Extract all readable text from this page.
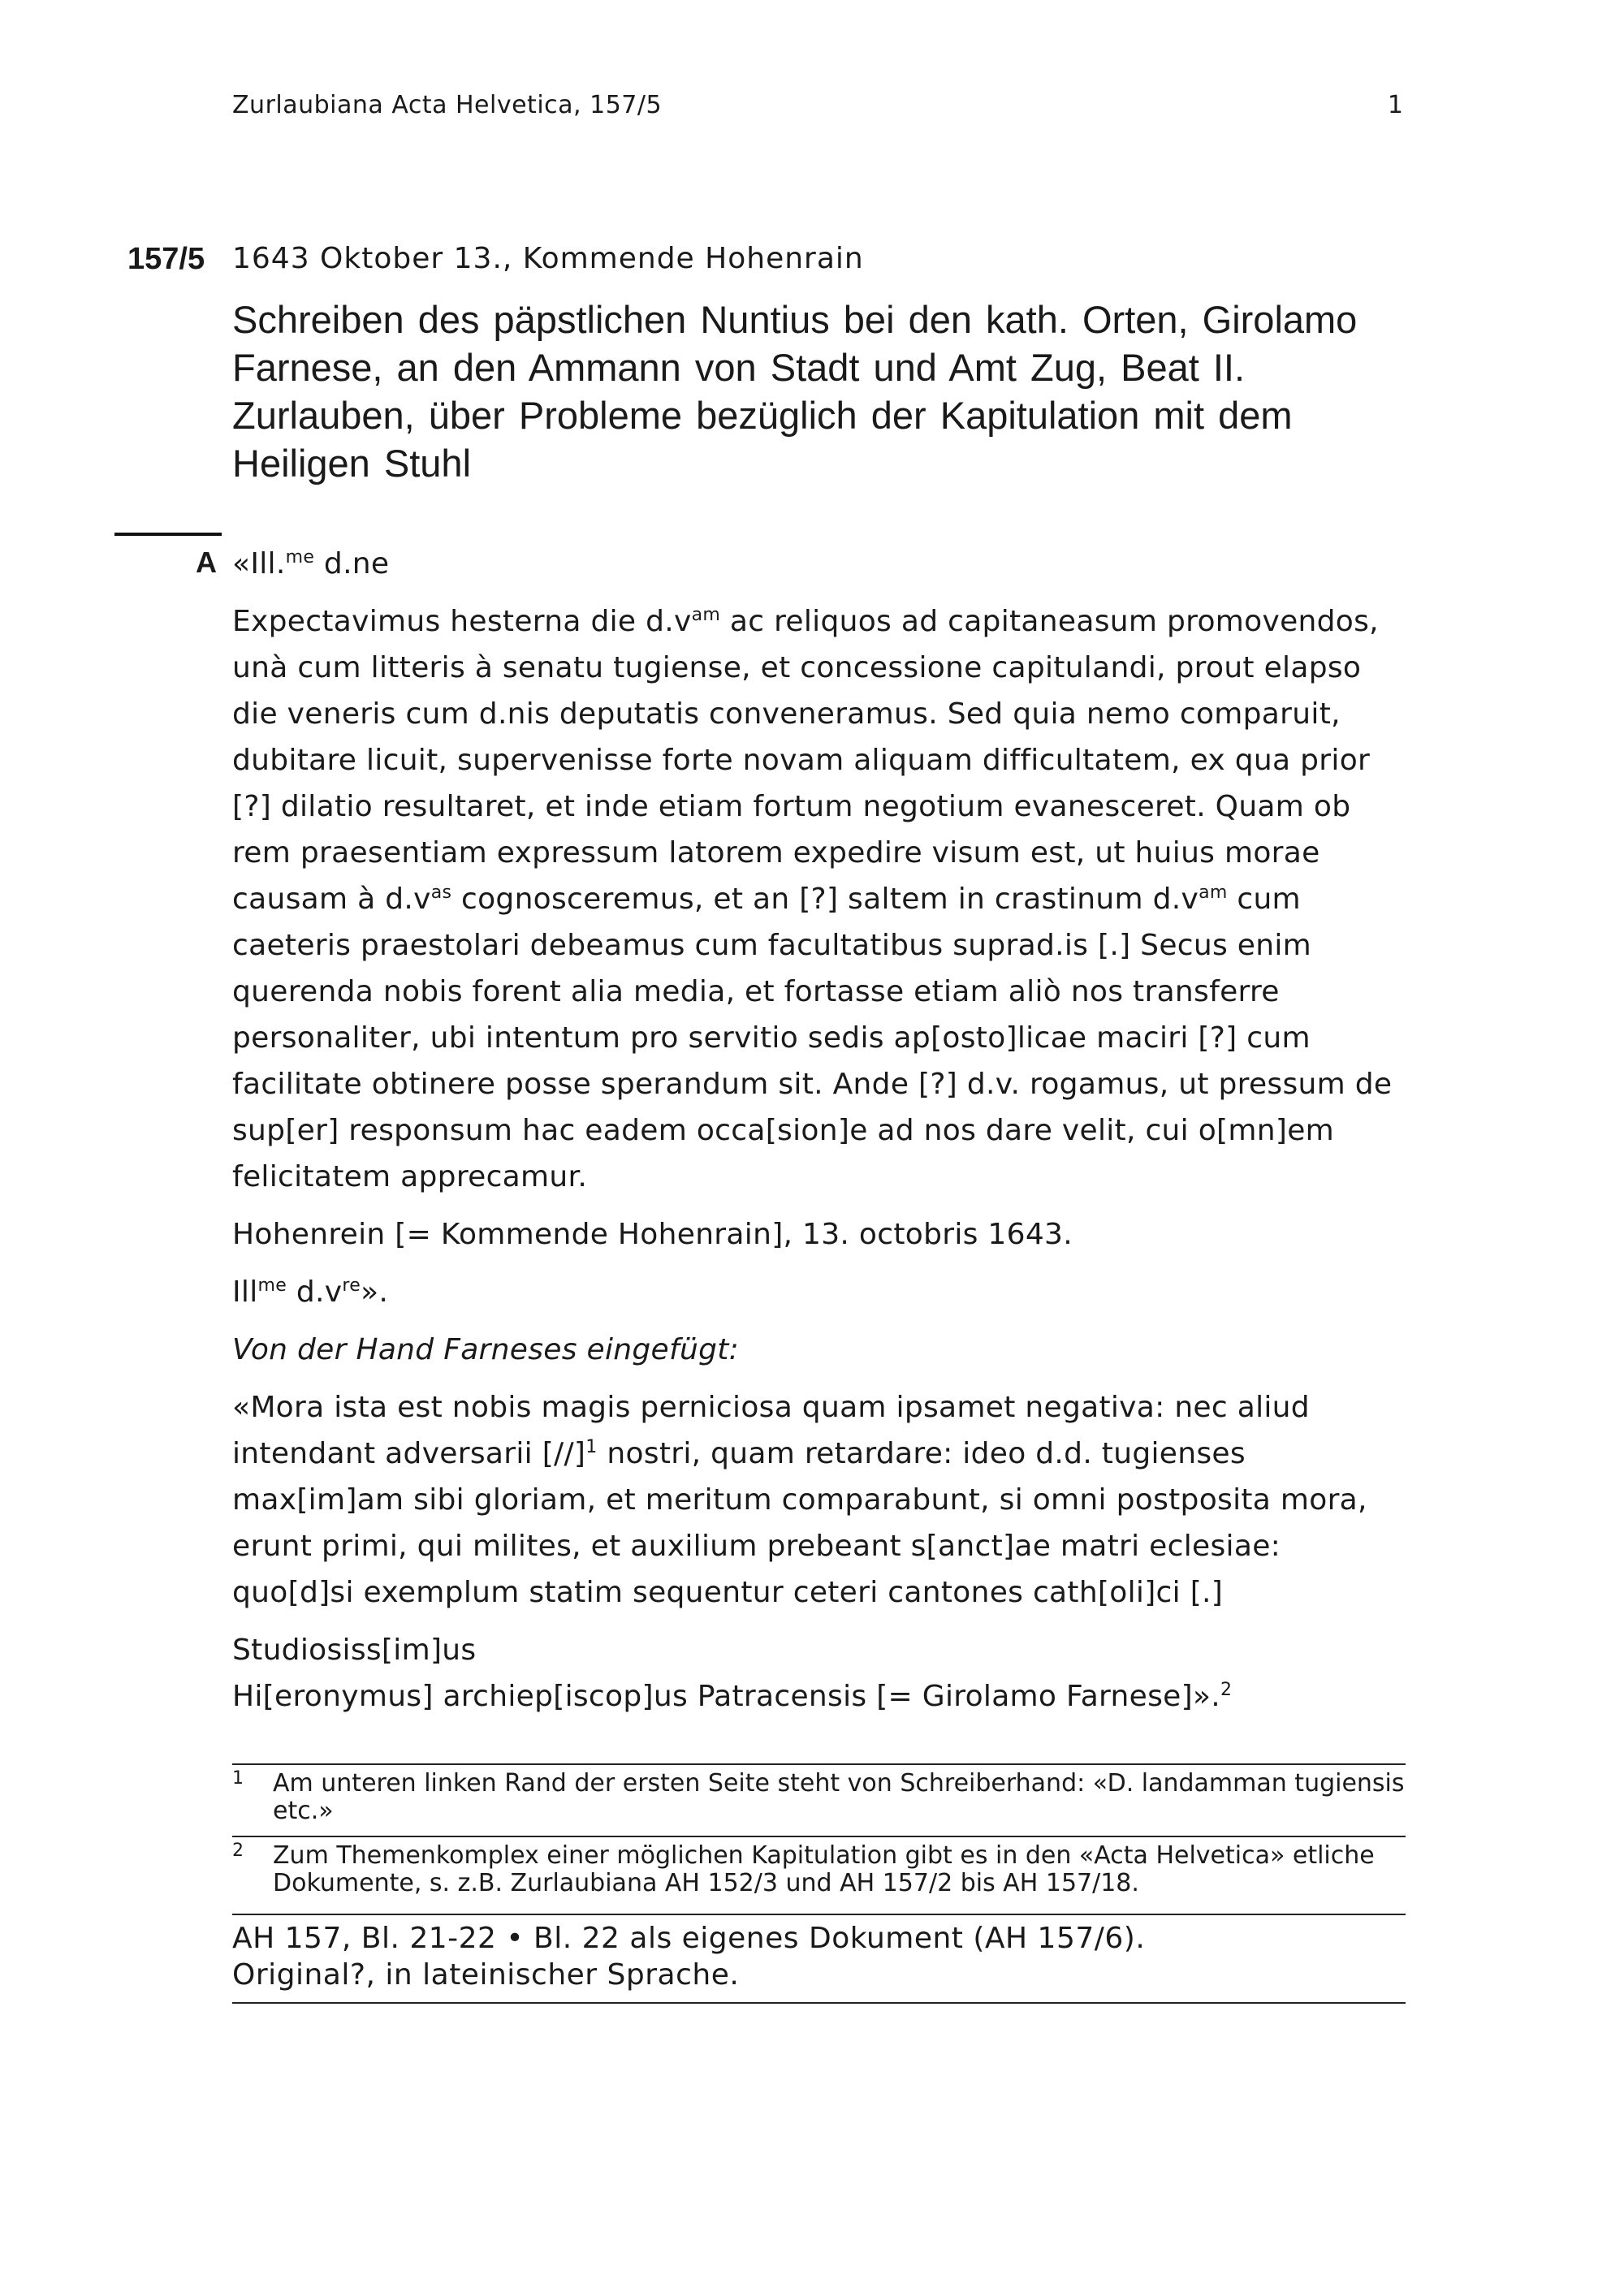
Zurlaubiana Acta Helvetica, 157/5	1
157/5 1643 Oktober 13., Kommende Hohenrain
Schreiben des päpstlichen Nuntius bei den kath. Orten, Girolamo
Farnese, an den Ammann von Stadt und Amt Zug, Beat II.
Zurlauben, über Probleme bezüglich der Kapitulation mit dem
Heiligen Stuhl
A «Ill.$^{me}$ d.ne

Expectavimus hesterna die $d.v^{am}$ ac reliquos ad capitaneasum promovendos, unà cum litteris à senatu tugiense, et concessione capitulandi, prout elapso die veneris cum d.nis deputatis conveneramus. Sed quia nemo comparuit, dubitare licuit, supervenisse forte novam aliquam difficultatem, ex qua prior [?] dilatio resultaret, et inde etiam fortum negotium evanesceret. Quam ob rem praesentiam expressum latorem expedire visum est, ut huius morae causam à $d.v^{as}$ cognosceremus, et an [?] saltem in crastinum $d.v^{am}$ cum caeteris praestolari debeamus cum facultatibus suprad.is [.] Secus enim querenda nobis forent alia media, et fortasse etiam aliò nos transferre personaliter, ubi intentum pro servitio sedis ap[osto]licae maciri [?] cum facilitate obtinere posse sperandum sit. Ande [?] d.v. rogamus, ut pressum de sup[er] responsum hac eadem occa[sion]e ad nos dare velit, cui o[mn]em felicitatem apprecamur.

Hohenrein [= Kommende Hohenrain], 13. octobris 1643.

Ill$^{me}$ $d.v^{re}$».

Von der Hand Farneses eingefügt:

«Mora ista est nobis magis perniciosa quam ipsamet negativa: nec aliud intendant adversarii $[//]^1$ nostri, quam retardare: ideo d.d. tugienses max[im]am sibi gloriam, et meritum comparabunt, si omni postposita mora, erunt primi, qui milites, et auxilium prebeant s[anct]ae matri eclesiae: quo[d]si exemplum statim sequentur ceteri cantones cath[oli]ci [.]

Studiosiss[im]us
Hi[eronymus] archiep[iscop]us Patracensis [= Girolamo Farnese]».$^2$

1 Am unteren linken Rand der ersten Seite steht von Schreiberhand: «D. landamman tugiensis etc.»
2 Zum Themenkomplex einer möglichen Kapitulation gibt es in den «Acta Helvetica» etliche Dokumente, s. z.B. Zurlaubiana AH 152/3 und AH 157/2 bis AH 157/18.
AH 157, Bl. 21-22 • Bl. 22 als eigenes Dokument (AH 157/6).
Original?, in lateinischer Sprache.
